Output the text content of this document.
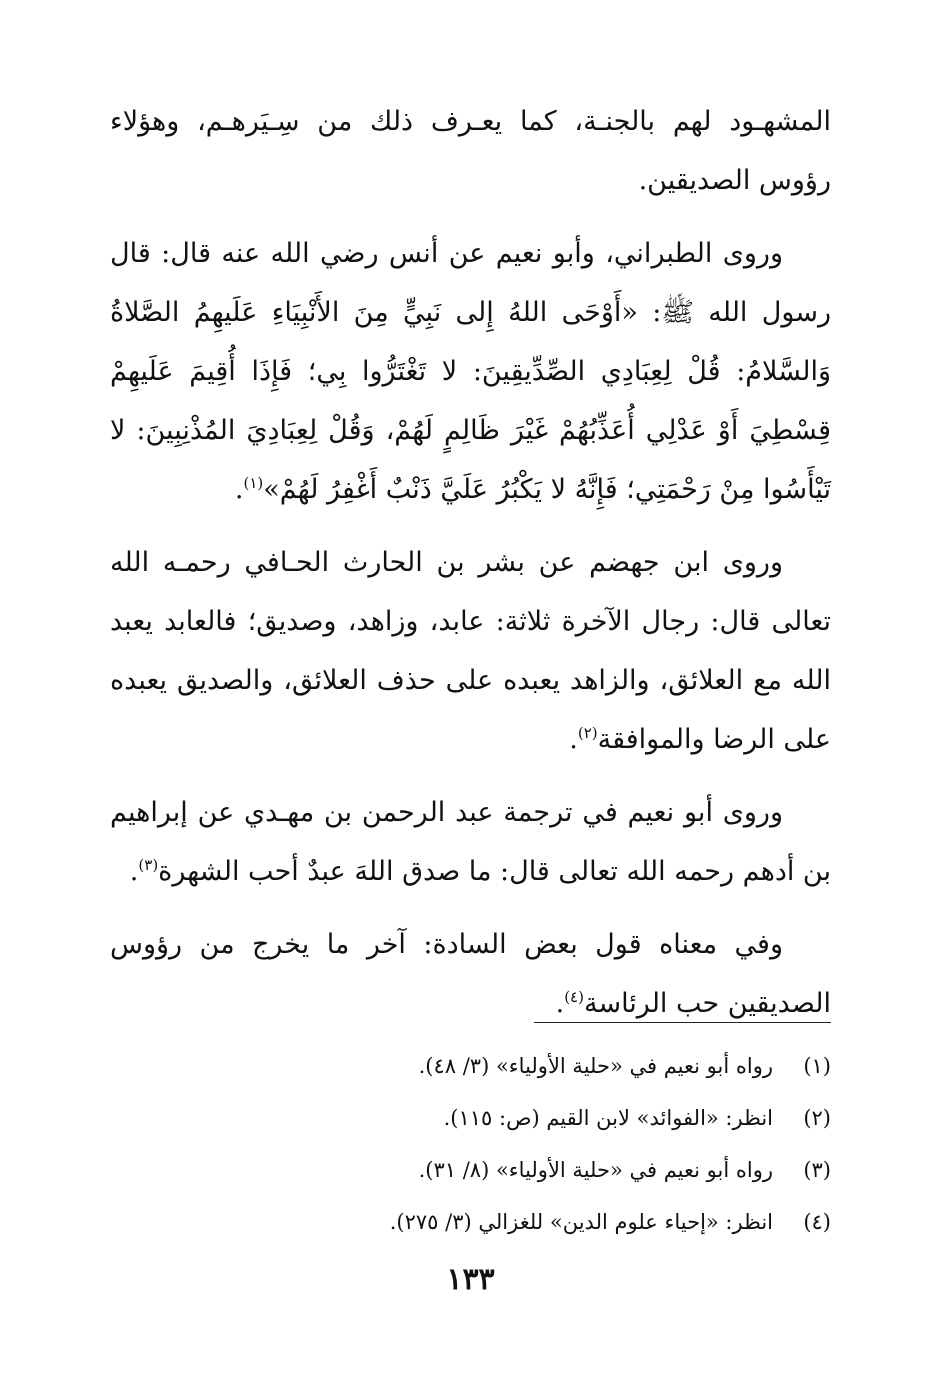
المشهـود لهم بالجنـة، كما يعـرف ذلك من سِـيَرهـم، وهؤلاء رؤوس الصديقين.

وروى الطبراني، وأبو نعيم عن أنس رضي الله عنه قال: قال رسول الله ﷺ: «أَوْحَى اللهُ إِلى نَبِيٍّ مِنَ الأَنْبِيَاءِ عَلَيهِمُ الصَّلاةُ وَالسَّلامُ: قُلْ لِعِبَادِي الصِّدِّيقِينَ: لا تَغْتَرُّوا بِي؛ فَإِذَا أُقِيمَ عَلَيهِمْ قِسْطِيَ أَوْ عَدْلِي أُعَذِّبُهُمْ غَيْرَ ظَالِمٍ لَهُمْ، وَقُلْ لِعِبَادِيَ المُذْنِبِينَ: لا تَيْأَسُوا مِنْ رَحْمَتِي؛ فَإِنَّهُ لا يَكْبُرُ عَلَيَّ ذَنْبٌ أَغْفِرُ لَهُمْ»$^{(١)}$.

وروى ابن جهضم عن بشر بن الحارث الحـافي رحمـه الله تعالى قال: رجال الآخرة ثلاثة: عابد، وزاهد، وصديق؛ فالعابد يعبد الله مع العلائق، والزاهد يعبده على حذف العلائق، والصديق يعبده على الرضا والموافقة$^{(٢)}$.

وروى أبو نعيم في ترجمة عبد الرحمن بن مهـدي عن إبراهيم بن أدهم رحمه الله تعالى قال: ما صدق اللهَ عبدٌ أحب الشهرة$^{(٣)}$.

وفي معناه قول بعض السادة: آخر ما يخرج من رؤوس الصديقين حب الرئاسة$^{(٤)}$.

(١)
رواه أبو نعيم في «حلية الأولياء» (٣/ ٤٨).
(٢)
انظر: «الفوائد» لابن القيم (ص: ١١٥).
(٣)
رواه أبو نعيم في «حلية الأولياء» (٨/ ٣١).
(٤)
انظر: «إحياء علوم الدين» للغزالي (٣/ ٢٧٥).
١٣٣
